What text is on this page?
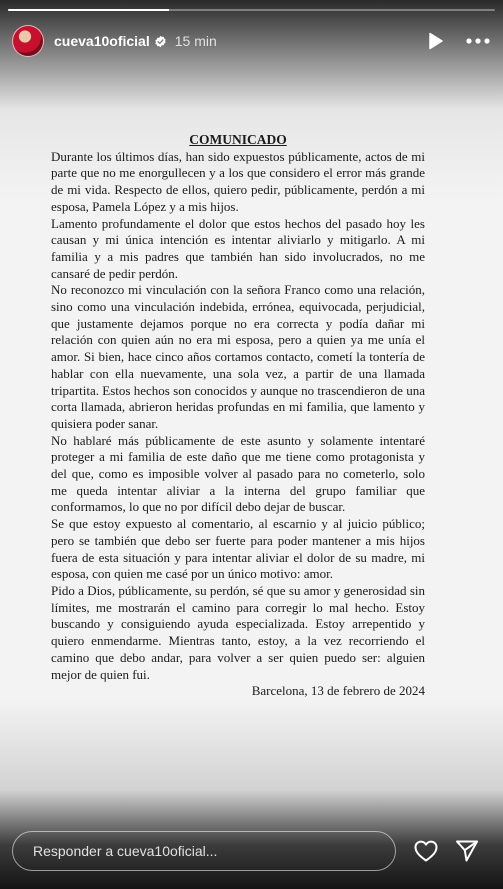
cueva10oficial 15 min
COMUNICADO

Durante los últimos días, han sido expuestos públicamente, actos de mi parte que no me enorgullecen y a los que considero el error más grande de mi vida. Respecto de ellos, quiero pedir, públicamente, perdón a mi esposa, Pamela López y a mis hijos.

Lamento profundamente el dolor que estos hechos del pasado hoy les causan y mi única intención es intentar aliviarlo y mitigarlo. A mi familia y a mis padres que también han sido involucrados, no me cansaré de pedir perdón.

No reconozco mi vinculación con la señora Franco como una relación, sino como una vinculación indebida, errónea, equivocada, perjudicial, que justamente dejamos porque no era correcta y podía dañar mi relación con quien aún no era mi esposa, pero a quien ya me unía el amor. Si bien, hace cinco años cortamos contacto, cometí la tontería de hablar con ella nuevamente, una sola vez, a partir de una llamada tripartita. Estos hechos son conocidos y aunque no trascendieron de una corta llamada, abrieron heridas profundas en mi familia, que lamento y quisiera poder sanar.

No hablaré más públicamente de este asunto y solamente intentaré proteger a mi familia de este daño que me tiene como protagonista y del que, como es imposible volver al pasado para no cometerlo, solo me queda intentar aliviar a la interna del grupo familiar que conformamos, lo que no por difícil debo dejar de buscar.

Se que estoy expuesto al comentario, al escarnio y al juicio público; pero se también que debo ser fuerte para poder mantener a mis hijos fuera de esta situación y para intentar aliviar el dolor de su madre, mi esposa, con quien me casé por un único motivo: amor.

Pido a Dios, públicamente, su perdón, sé que su amor y generosidad sin límites, me mostrarán el camino para corregir lo mal hecho. Estoy buscando y consiguiendo ayuda especializada. Estoy arrepentido y quiero enmendarme. Mientras tanto, estoy, a la vez recorriendo el camino que debo andar, para volver a ser quien puedo ser: alguien mejor de quien fui.

Barcelona, 13 de febrero de 2024
Responder a cueva10oficial...
